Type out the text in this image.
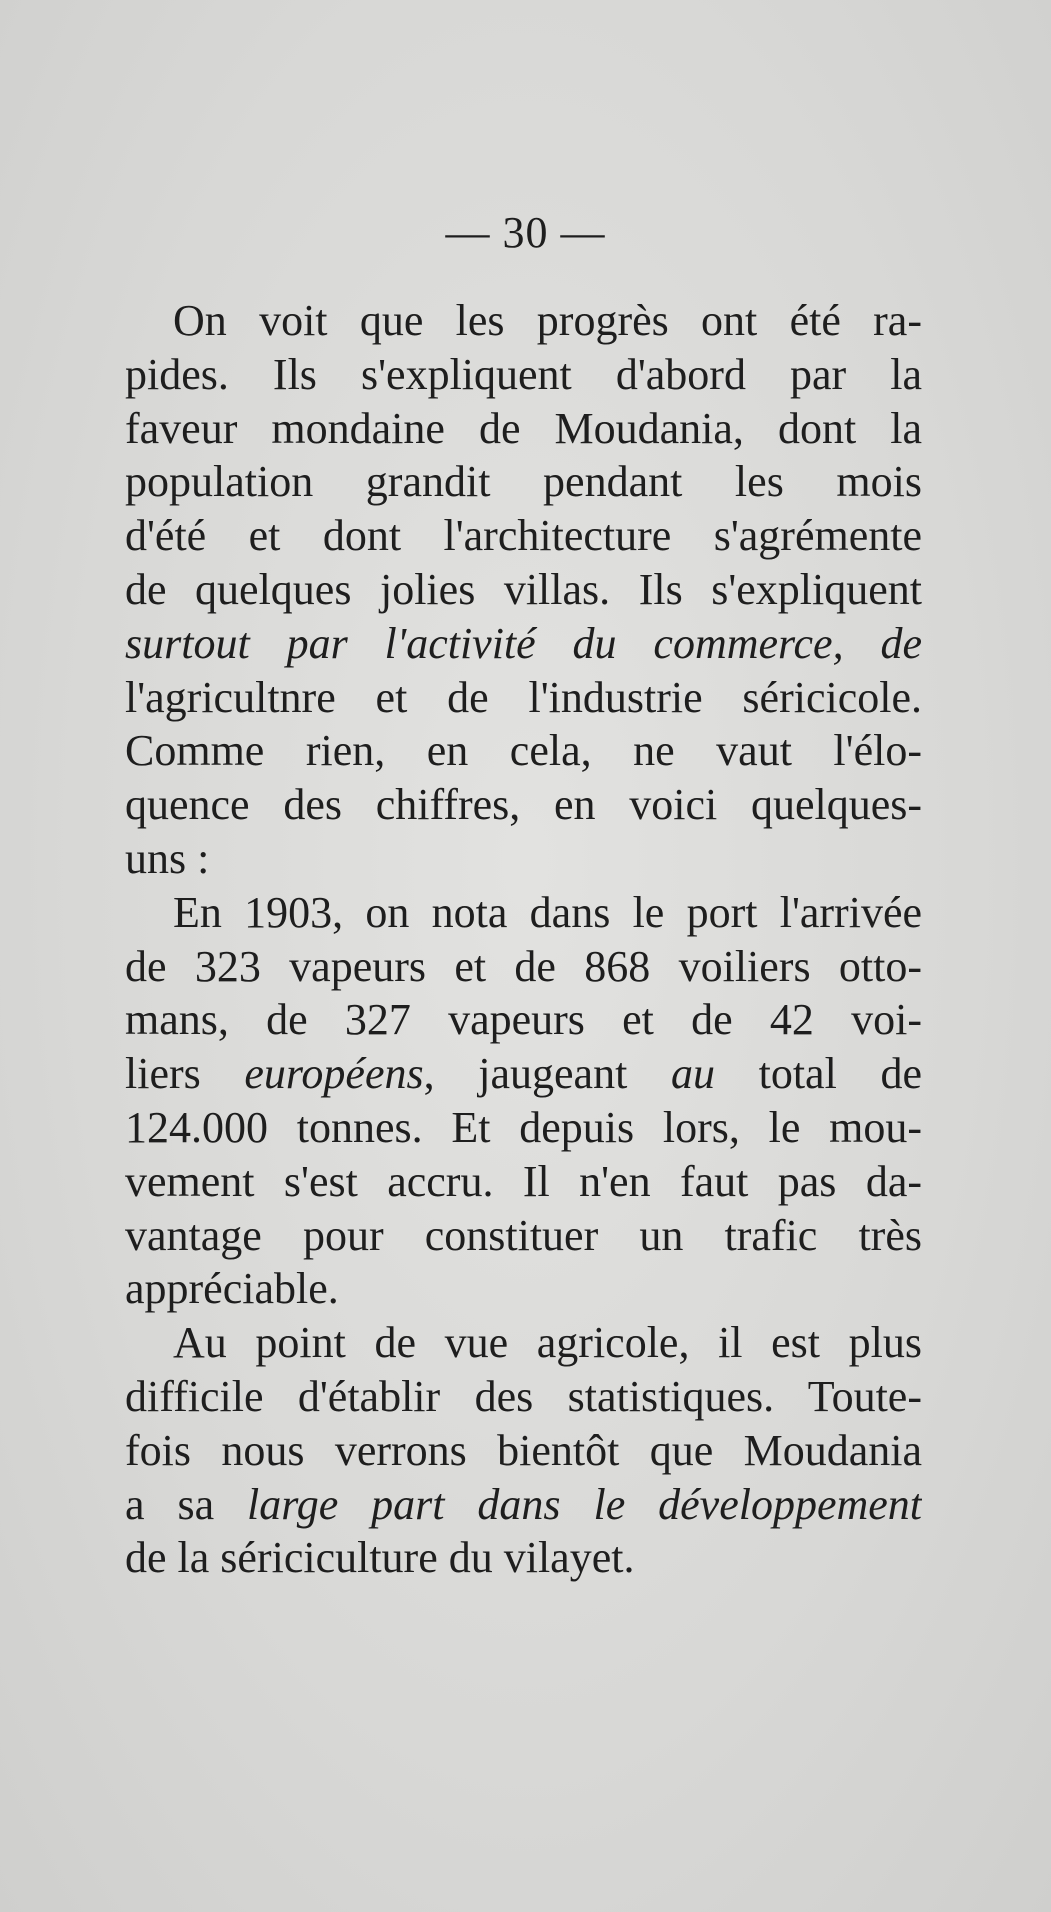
— 30 —
On voit que les progrès ont été ra-
pides. Ils s'expliquent d'abord par la
faveur mondaine de Moudania, dont la
population grandit pendant les mois
d'été et dont l'architecture s'agrémente
de quelques jolies villas. Ils s'expliquent
surtout par l'activité du commerce, de
l'agricultnre et de l'industrie séricicole.
Comme rien, en cela, ne vaut l'élo-
quence des chiffres, en voici quelques-
uns :
En 1903, on nota dans le port l'arrivée
de 323 vapeurs et de 868 voiliers otto-
mans, de 327 vapeurs et de 42 voi-
liers européens, jaugeant au total de
124.000 tonnes. Et depuis lors, le mou-
vement s'est accru. Il n'en faut pas da-
vantage pour constituer un trafic très
appréciable.
Au point de vue agricole, il est plus
difficile d'établir des statistiques. Toute-
fois nous verrons bientôt que Moudania
a sa large part dans le développement
de la sériciculture du vilayet.
